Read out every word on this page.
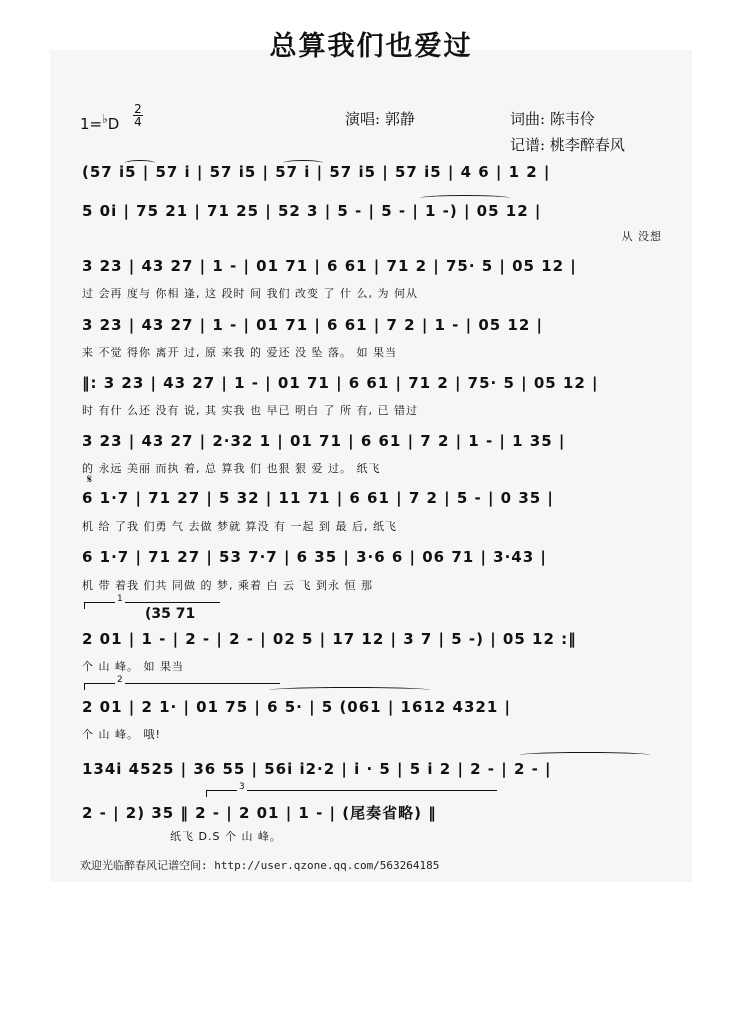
总算我们也爱过
1=♭D
2
4	演唱: 郭静	词曲: 陈韦伶
记谱: 桃李醉春风
(57 i5 | 57 i | 57 i5 | 57 i | 57 i5 | 57 i5 | 4 6 | 1 2 |
5 0i | 75 21 | 71 25 | 52 3 | 5 - | 5 - | 1 -) | 05 12 |
从 没想
3 23 | 43 27 | 1 - | 01 71 | 6 61 | 71 2 | 75· 5 | 05 12 |
过 会再 度与 你相 逢, 这 段时 间 我们 改变 了 什 么, 为 何从
3 23 | 43 27 | 1 - | 01 71 | 6 61 | 7 2 | 1 - | 05 12 |
来 不觉 得你 离开 过, 原 来我 的 爱还 没 坠 落。 如 果当
‖: 3 23 | 43 27 | 1 - | 01 71 | 6 61 | 71 2 | 75· 5 | 05 12 |
时 有什 么还 没有 说, 其 实我 也 早已 明白 了 所 有, 已 错过
3 23 | 43 27 | 2·32 1 | 01 71 | 6 61 | 7 2 | 1 - | 1 35 |
的 永远 美丽 而执 着, 总 算我 们 也狠 狠 爱 过。 纸飞
𝄋
6 1·7 | 71 27 | 5 32 | 11 71 | 6 61 | 7 2 | 5 - | 0 35 |
机 给 了我 们勇 气 去做 梦就 算没 有 一起 到 最 后, 纸飞
6 1·7 | 71 27 | 53 7·7 | 6 35 | 3·6 6 | 06 71 | 3·43 |
机 带 着我 们共 同做 的 梦, 乘着 白 云 飞 到永 恒 那
1
(35 71
2 01 | 1 - | 2 - | 2 - | 02 5 | 17 12 | 3 7 | 5 -) | 05 12 :‖
个 山 峰。 如 果当
2
2 01 | 2 1· | 01 75 | 6 5· | 5 (061 | 1612 4321 |
个 山 峰。 哦!
134i 4525 | 36 55 | 56i i2·2 | i · 5 | 5 i 2 | 2 - | 2 - |
3
2 - | 2) 35 ‖ 2 - | 2 01 | 1 - | (尾奏省略) ‖
纸飞 D.S 个 山 峰。
欢迎光临醉春风记谱空间: http://user.qzone.qq.com/563264185
